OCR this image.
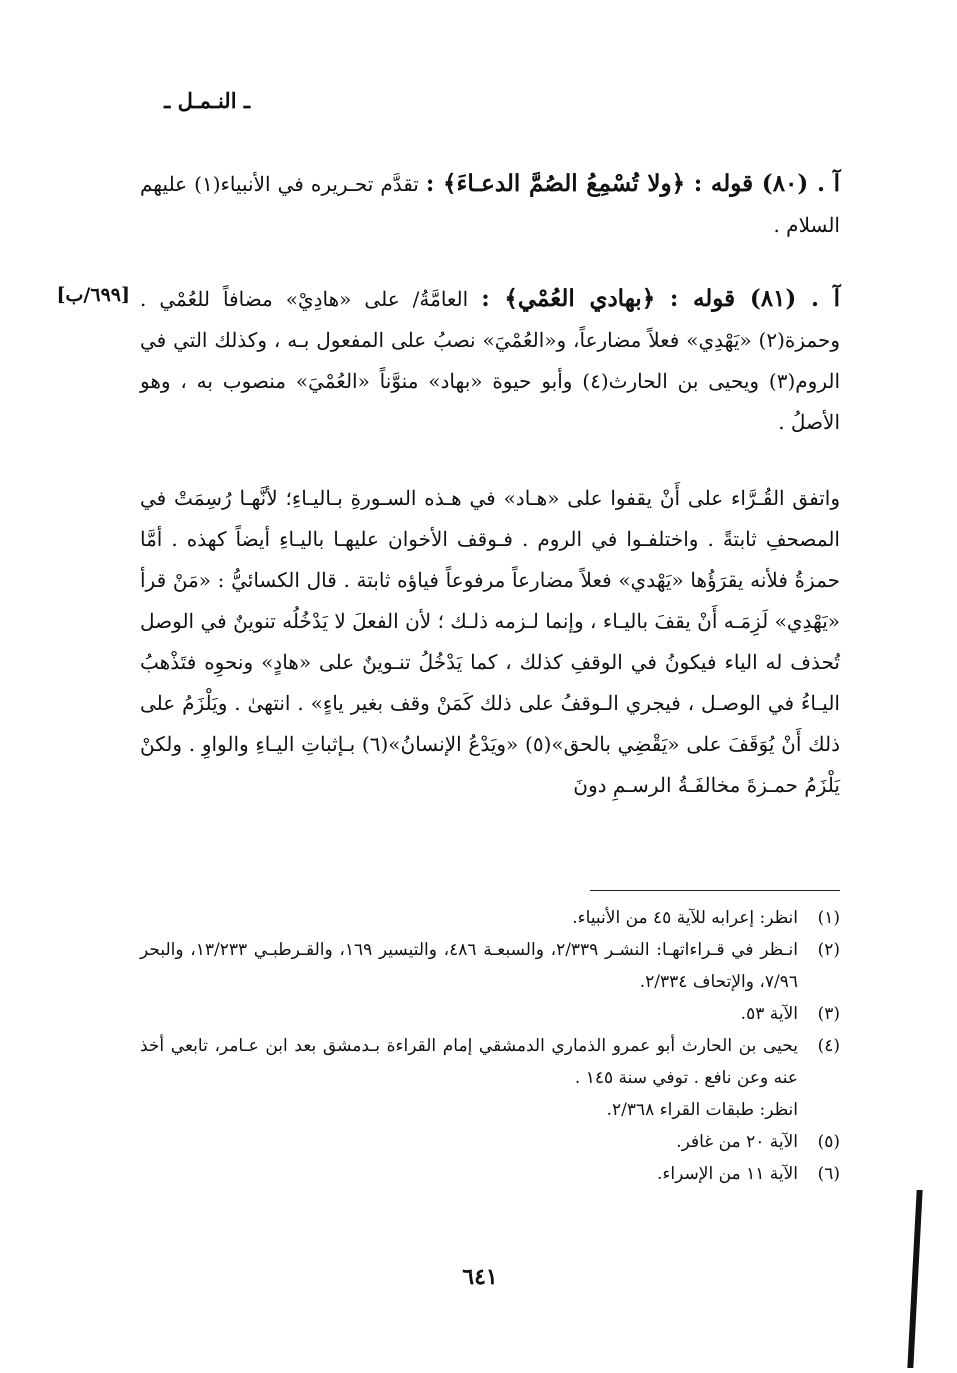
ـ النـمـل ـ
آ . (٨٠) قوله : ﴿ولا تُسْمِعُ الصُمَّ الدعـاءَ﴾ : تقدَّم تحـريره في الأنبياء(١) عليهم السلام .
آ . (٨١) قوله : ﴿بهادي العُمْي﴾ : العامَّةُ/ على «هادِيْ» مضافاً للعُمْي . وحمزة(٢) «يَهْدِي» فعلاً مضارعاً، و«العُمْيَ» نصبُ على المفعول بـه ، وكذلك التي في الروم(٣) ويحيى بن الحارث(٤) وأبو حيوة «بهاد» منوَّناً «العُمْيَ» منصوب به ، وهو الأصلُ .
[٦٩٩/ب]
واتفق القُـرَّاء على أَنْ يقفوا على «هـاد» في هـذه السـورةِ بـاليـاءِ؛ لأنَّهـا رُسِمَتْ في المصحفِ ثابتةً . واختلفـوا في الروم . فـوقف الأخوان عليهـا باليـاءِ أيضاً كهذه . أمَّا حمزةُ فلأنه يقرَؤُها «يَهْدي» فعلاً مضارعاً مرفوعاً فياؤه ثابتة . قال الكسائيُّ : «مَنْ قرأ «يَهْدِي» لَزِمَـه أَنْ يقفَ باليـاء ، وإنما لـزمه ذلـك ؛ لأن الفعلَ لا يَدْخُلُه تنوينٌ في الوصل تُحذف له الياء فيكونُ في الوقفِ كذلك ، كما يَدْخُلُ تنـوينٌ على «هادٍ» ونحوِه فتَذْهبُ اليـاءُ في الوصـل ، فيجري الـوقفُ على ذلك كَمَنْ وقف بغير ياءٍ» . انتهىٰ . ويَلْزَمُ على ذلك أَنْ يُوَقَفَ على «يَقْضِي بالحق»(٥) «ويَدْعُ الإنسانُ»(٦) بـإثباتِ اليـاءِ والواوِ . ولكنْ يَلْزَمُ حمـزةَ مخالفَـةُ الرسـمِ دونَ
(١)
انظر: إعرابه للآية ٤٥ من الأنبياء.
(٢)
انـظر في قـراءاتهـا: النشـر ٢/٣٣٩، والسبعـة ٤٨٦، والتيسير ١٦٩، والقـرطبـي ١٣/٢٣٣، والبحر ٧/٩٦، والإتحاف ٢/٣٣٤.
(٣)
الآية ٥٣.
(٤)
يحيى بن الحارث أبو عمرو الذماري الدمشقي إمام القراءة بـدمشق بعد ابن عـامر، تابعي أخذ عنه وعن نافع . توفي سنة ١٤٥ .
انظر: طبقات القراء ٢/٣٦٨.
(٥)
الآية ٢٠ من غافر.
(٦)
الآية ١١ من الإسراء.
٦٤١
